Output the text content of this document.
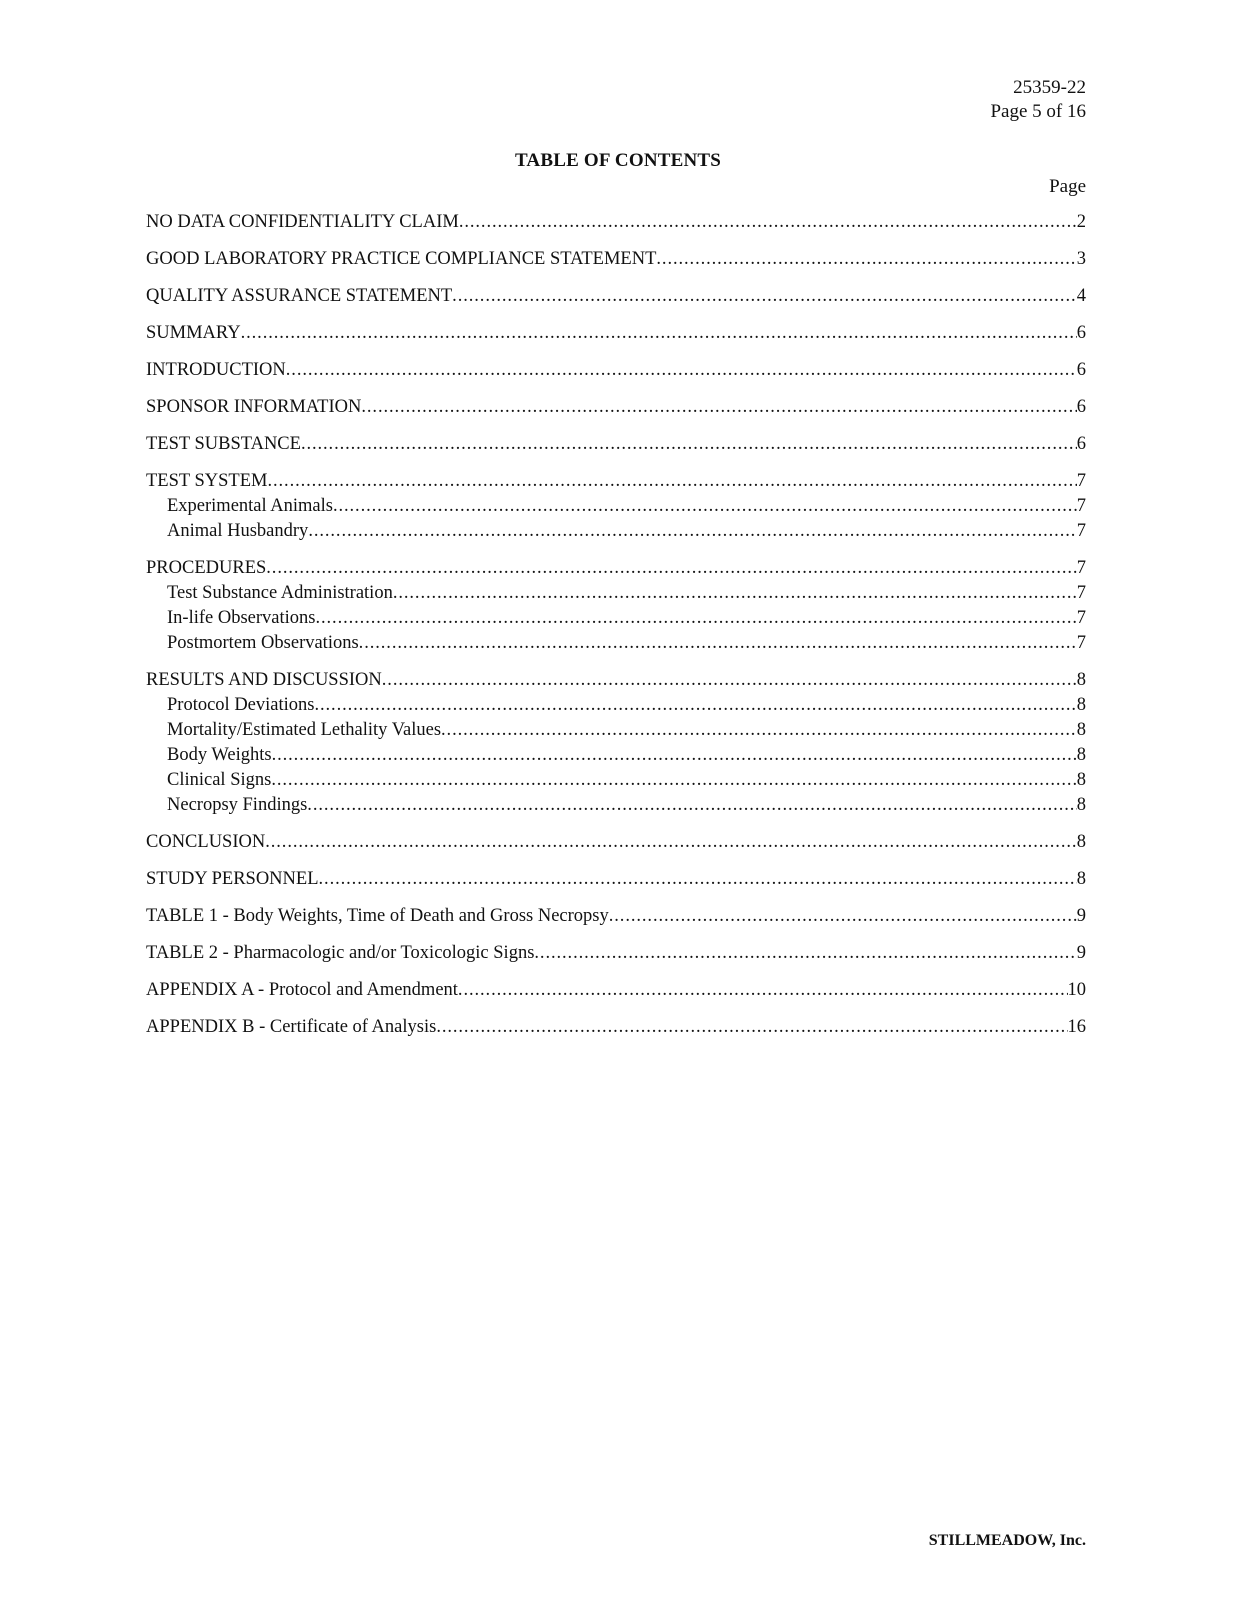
25359-22
Page 5 of 16
TABLE OF CONTENTS
Page
NO DATA CONFIDENTIALITY CLAIM .....	2
GOOD LABORATORY PRACTICE COMPLIANCE STATEMENT .....	3
QUALITY ASSURANCE STATEMENT .....	4
SUMMARY .....	6
INTRODUCTION .....	6
SPONSOR INFORMATION .....	6
TEST SUBSTANCE .....	6
TEST SYSTEM .....	7
Experimental Animals .....	7
Animal Husbandry .....	7
PROCEDURES .....	7
Test Substance Administration .....	7
In-life Observations .....	7
Postmortem Observations .....	7
RESULTS AND DISCUSSION .....	8
Protocol Deviations .....	8
Mortality/Estimated Lethality Values .....	8
Body Weights .....	8
Clinical Signs .....	8
Necropsy Findings .....	8
CONCLUSION .....	8
STUDY PERSONNEL .....	8
TABLE 1 - Body Weights, Time of Death and Gross Necropsy .....	9
TABLE 2 - Pharmacologic and/or Toxicologic Signs .....	9
APPENDIX A - Protocol and Amendment .....	10
APPENDIX B - Certificate of Analysis .....	16
STILLMEADOW, Inc.
